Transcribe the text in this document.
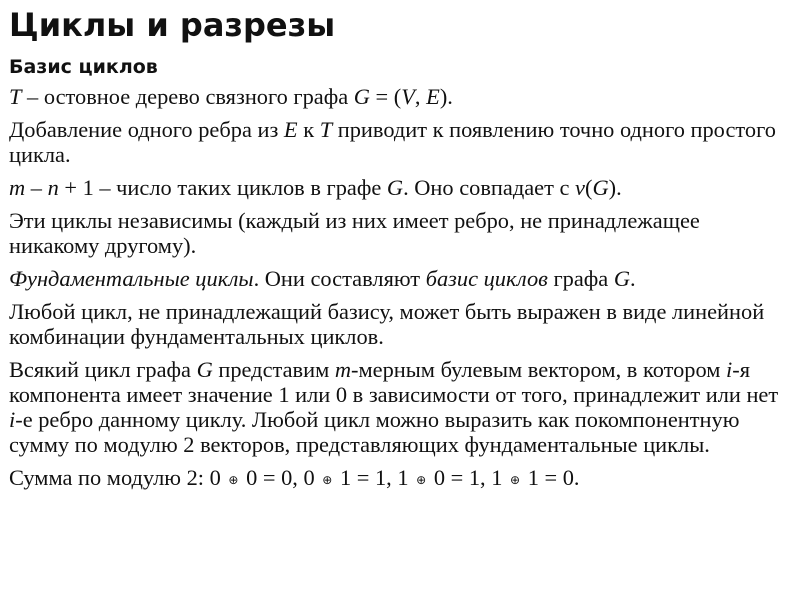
Циклы и разрезы
Базис циклов

T – остовное дерево связного графа G = (V, E).

Добавление одного ребра из E к T приводит к появлению точно одного простого цикла.

m – n + 1 – число таких циклов в графе G. Оно совпадает с ν(G).

Эти циклы независимы (каждый из них имеет ребро, не принадлежащее никакому другому).

Фундаментальные циклы. Они составляют базис циклов графа G.

Любой цикл, не принадлежащий базису, может быть выражен в виде линейной комбинации фундаментальных циклов.

Всякий цикл графа G представим m-мерным булевым вектором, в котором i-я компонента имеет значение 1 или 0 в зависимости от того, принадлежит или нет i-е ребро данному циклу. Любой цикл можно выразить как покомпонентную сумму по модулю 2 векторов, представляющих фундаментальные циклы.

Сумма по модулю 2: 0 ⊕ 0 = 0, 0 ⊕ 1 = 1, 1 ⊕ 0 = 1, 1 ⊕ 1 = 0.
